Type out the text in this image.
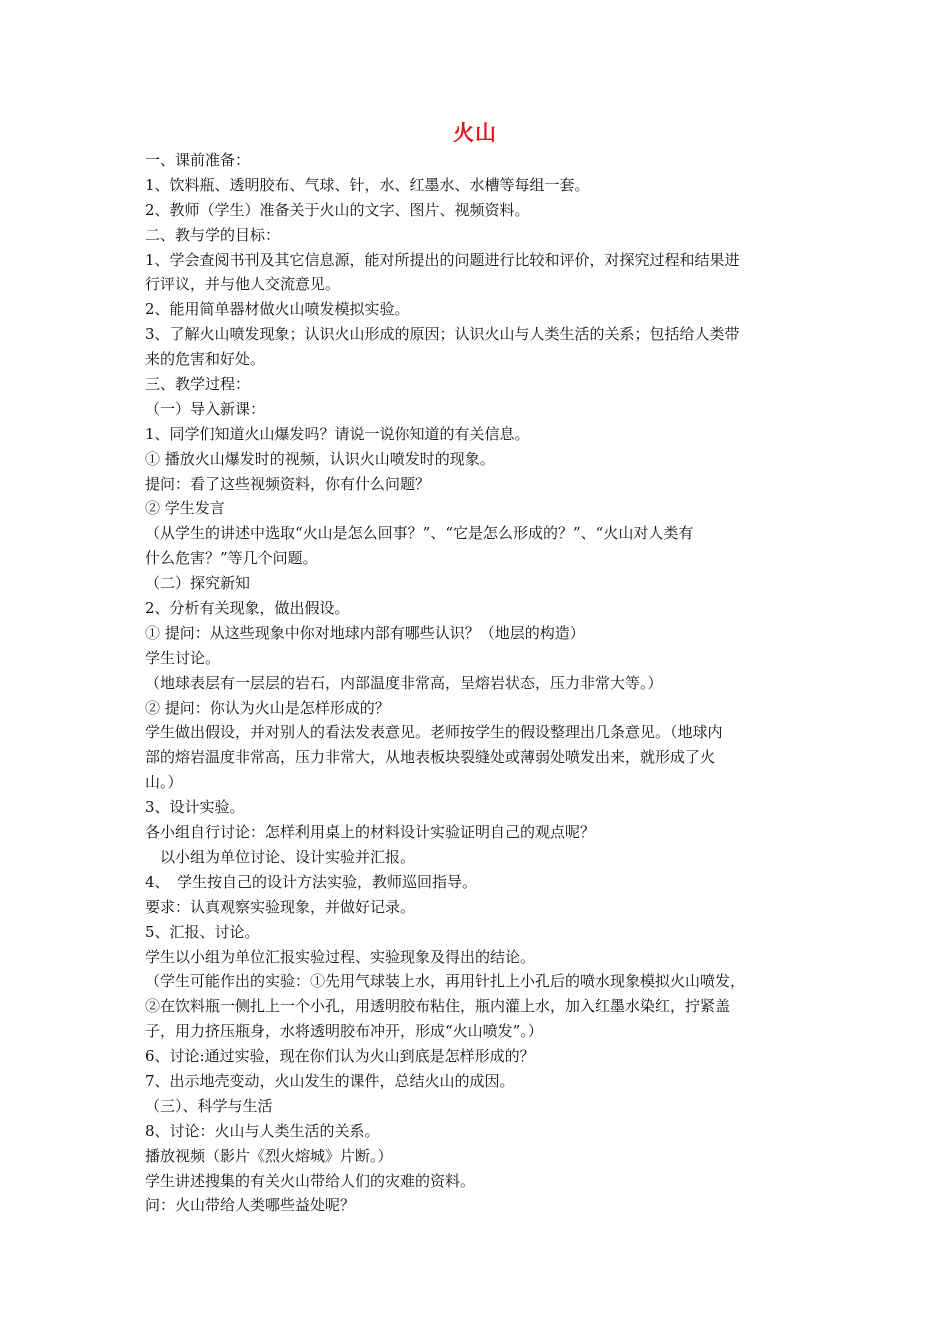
火山
一、课前准备：
1、饮料瓶、透明胶布、气球、针，水、红墨水、水槽等每组一套。
2、教师（学生）准备关于火山的文字、图片、视频资料。
二、教与学的目标：
1、学会查阅书刊及其它信息源，能对所提出的问题进行比较和评价，对探究过程和结果进
行评议，并与他人交流意见。
2、能用简单器材做火山喷发模拟实验。
3、了解火山喷发现象；认识火山形成的原因；认识火山与人类生活的关系；包括给人类带
来的危害和好处。
三、教学过程：
（一）导入新课：
1、同学们知道火山爆发吗？请说一说你知道的有关信息。
① 播放火山爆发时的视频，认识火山喷发时的现象。
提问：看了这些视频资料，你有什么问题？
② 学生发言
（从学生的讲述中选取“火山是怎么回事？”、“它是怎么形成的？”、“火山对人类有
什么危害？”等几个问题。
（二）探究新知
2、分析有关现象，做出假设。
① 提问：从这些现象中你对地球内部有哪些认识？（地层的构造）
学生讨论。
（地球表层有一层层的岩石，内部温度非常高，呈熔岩状态，压力非常大等。）
② 提问：你认为火山是怎样形成的？
学生做出假设，并对别人的看法发表意见。老师按学生的假设整理出几条意见。（地球内
部的熔岩温度非常高，压力非常大，从地表板块裂缝处或薄弱处喷发出来，就形成了火
山。）
3、设计实验。
各小组自行讨论：怎样利用桌上的材料设计实验证明自己的观点呢？
　以小组为单位讨论、设计实验并汇报。
4、　学生按自己的设计方法实验，教师巡回指导。
要求：认真观察实验现象，并做好记录。
5、汇报、讨论。
学生以小组为单位汇报实验过程、实验现象及得出的结论。
（学生可能作出的实验：①先用气球装上水，再用针扎上小孔后的喷水现象模拟火山喷发，
②在饮料瓶一侧扎上一个小孔，用透明胶布粘住，瓶内灌上水，加入红墨水染红，拧紧盖
子，用力挤压瓶身，水将透明胶布冲开，形成“火山喷发”。）
6、讨论:通过实验，现在你们认为火山到底是怎样形成的？
7、出示地壳变动，火山发生的课件，总结火山的成因。
（三）、科学与生活
8、讨论：火山与人类生活的关系。
播放视频（影片《烈火熔城》片断。）
学生讲述搜集的有关火山带给人们的灾难的资料。
问：火山带给人类哪些益处呢？
